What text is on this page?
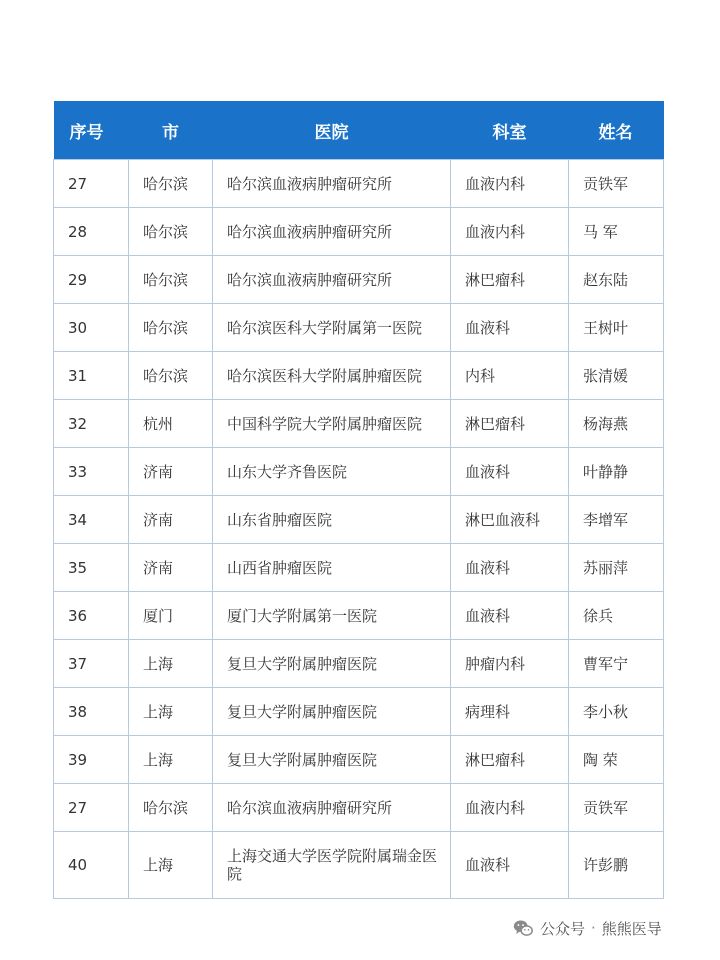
序号	市	医院	科室	姓名
27	哈尔滨	哈尔滨血液病肿瘤研究所	血液内科	贡铁军
28	哈尔滨	哈尔滨血液病肿瘤研究所	血液内科	马 军
29	哈尔滨	哈尔滨血液病肿瘤研究所	淋巴瘤科	赵东陆
30	哈尔滨	哈尔滨医科大学附属第一医院	血液科	王树叶
31	哈尔滨	哈尔滨医科大学附属肿瘤医院	内科	张清媛
32	杭州	中国科学院大学附属肿瘤医院	淋巴瘤科	杨海燕
33	济南	山东大学齐鲁医院	血液科	叶静静
34	济南	山东省肿瘤医院	淋巴血液科	李增军
35	济南	山西省肿瘤医院	血液科	苏丽萍
36	厦门	厦门大学附属第一医院	血液科	徐兵
37	上海	复旦大学附属肿瘤医院	肿瘤内科	曹军宁
38	上海	复旦大学附属肿瘤医院	病理科	李小秋
39	上海	复旦大学附属肿瘤医院	淋巴瘤科	陶 荣
27	哈尔滨	哈尔滨血液病肿瘤研究所	血液内科	贡铁军
40	上海	上海交通大学医学院附属瑞金医院	血液科	许彭鹏
公众号 · 熊熊医导
